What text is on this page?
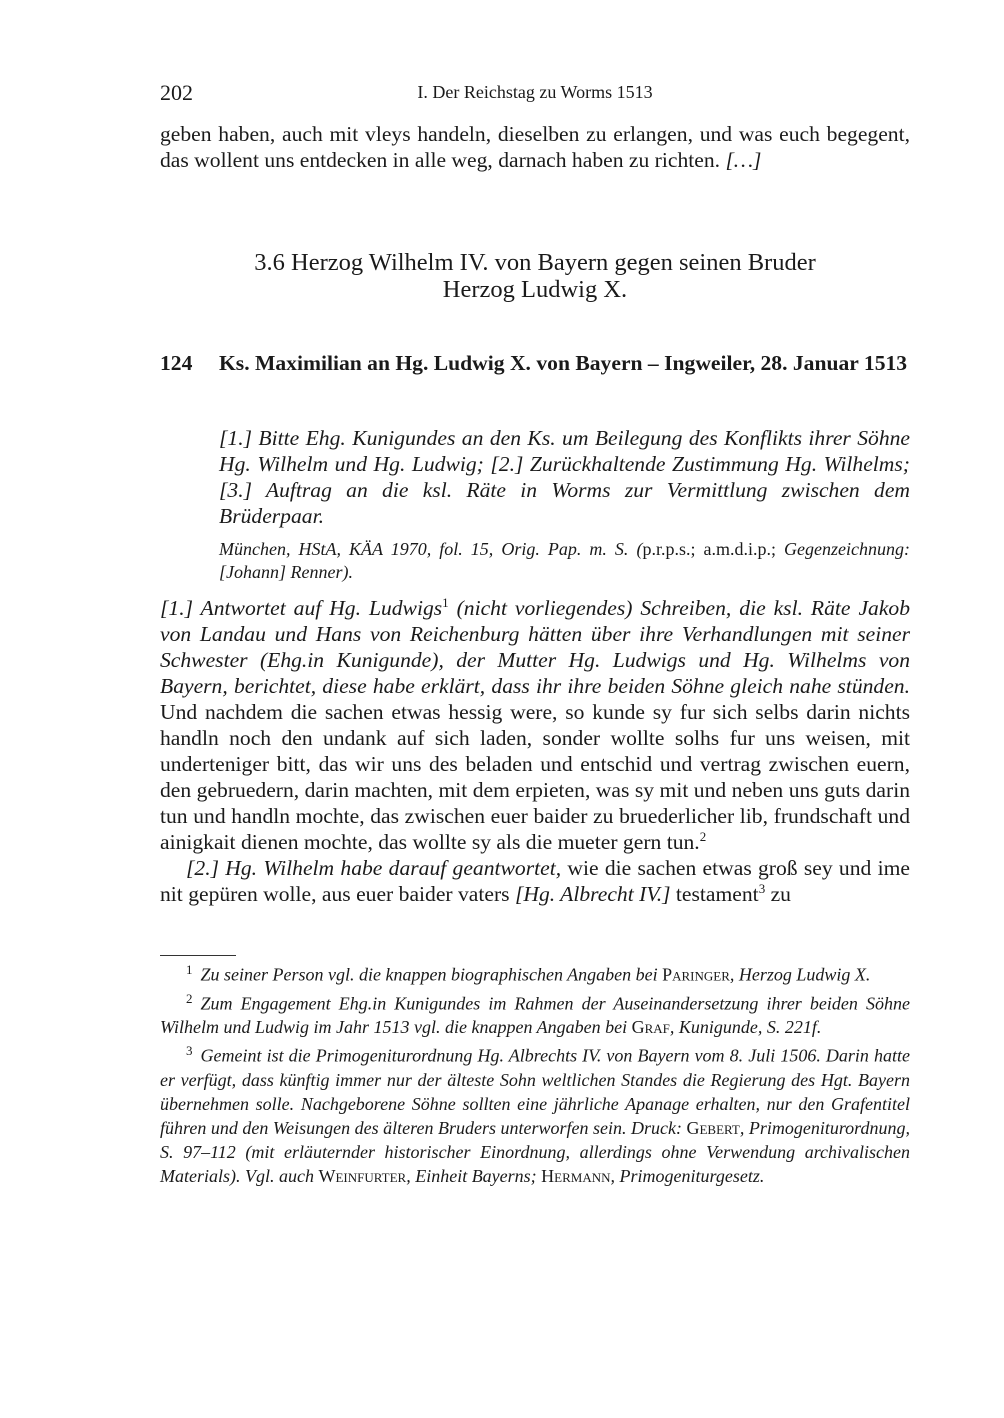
202	I. Der Reichstag zu Worms 1513

geben haben, auch mit vleys handeln, dieselben zu erlangen, und was euch begegent, das wollent uns entdecken in alle weg, darnach haben zu richten. […]

3.6 Herzog Wilhelm IV. von Bayern gegen seinen Bruder
Herzog Ludwig X.
124 Ks. Maximilian an Hg. Ludwig X. von Bayern – Ingweiler, 28. Januar 1513

[1.] Bitte Ehg. Kunigundes an den Ks. um Beilegung des Konflikts ihrer Söhne Hg. Wilhelm und Hg. Ludwig; [2.] Zurückhaltende Zustimmung Hg. Wilhelms; [3.] Auftrag an die ksl. Räte in Worms zur Vermittlung zwischen dem Brüderpaar.

München, HStA, KÄA 1970, fol. 15, Orig. Pap. m. S. (p.r.p.s.; a.m.d.i.p.; Gegenzeichnung: [Johann] Renner).

[1.] Antwortet auf Hg. Ludwigs$^1$ (nicht vorliegendes) Schreiben, die ksl. Räte Jakob von Landau und Hans von Reichenburg hätten über ihre Verhandlungen mit seiner Schwester (Ehg.in Kunigunde), der Mutter Hg. Ludwigs und Hg. Wilhelms von Bayern, berichtet, diese habe erklärt, dass ihr ihre beiden Söhne gleich nahe stünden. Und nachdem die sachen etwas hessig were, so kunde sy fur sich selbs darin nichts handln noch den undank auf sich laden, sonder wollte solhs fur uns weisen, mit underteniger bitt, das wir uns des beladen und entschid und vertrag zwischen euern, den gebruedern, darin machten, mit dem erpieten, was sy mit und neben uns guts darin tun und handln mochte, das zwischen euer baider zu bruederlicher lib, frundschaft und ainigkait dienen mochte, das wollte sy als die mueter gern tun.$^2$

[2.] Hg. Wilhelm habe darauf geantwortet, wie die sachen etwas groß sey und ime nit gepüren wolle, aus euer baider vaters [Hg. Albrecht IV.] testament$^3$ zu

$^1$ Zu seiner Person vgl. die knappen biographischen Angaben bei Paringer, Herzog Ludwig X.

$^2$ Zum Engagement Ehg.in Kunigundes im Rahmen der Auseinandersetzung ihrer beiden Söhne Wilhelm und Ludwig im Jahr 1513 vgl. die knappen Angaben bei Graf, Kunigunde, S. 221f.

$^3$ Gemeint ist die Primogeniturordnung Hg. Albrechts IV. von Bayern vom 8. Juli 1506. Darin hatte er verfügt, dass künftig immer nur der älteste Sohn weltlichen Standes die Regierung des Hgt. Bayern übernehmen solle. Nachgeborene Söhne sollten eine jährliche Apanage erhalten, nur den Grafentitel führen und den Weisungen des älteren Bruders unterworfen sein. Druck: Gebert, Primogeniturordnung, S. 97–112 (mit erläuternder historischer Einordnung, allerdings ohne Verwendung archivalischen Materials). Vgl. auch Weinfurter, Einheit Bayerns; Hermann, Primogeniturgesetz.
